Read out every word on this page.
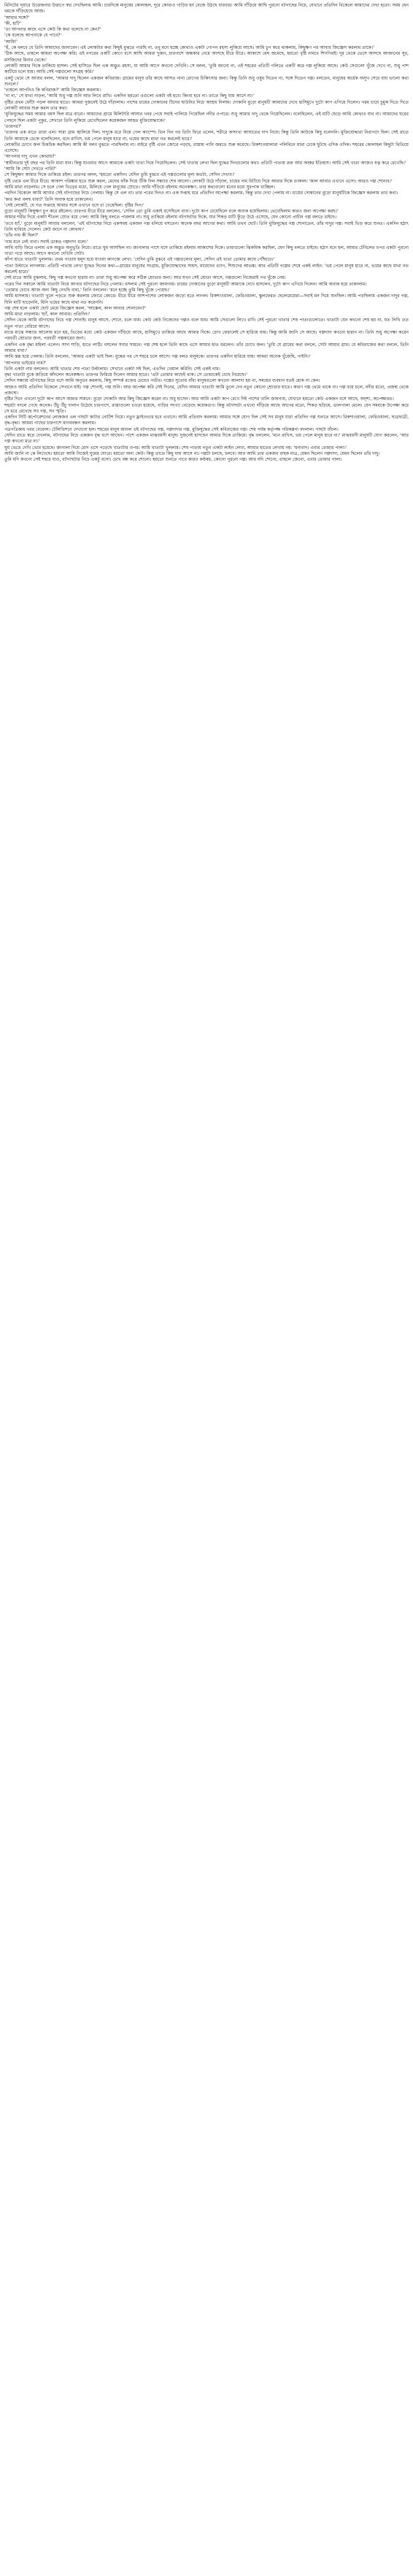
মিনিটের দ্য়ারে উত্তেজনার উত্তাপে স্বপ্ন দেখছিলাম আমি। চারদিকে মানুষের কোলাহল, দূরে কোথাও গাড়ির হর্ন বেজে উঠছে বারবার। আমি দাঁড়িয়ে আছি পুরনো বটগাছের নিচে, যেখানে প্রতিদিন বিকেলে আমাদের দেখা হতো। সময় যেন থমকে দাঁড়িয়েছে আজ।
'আমার সঙ্গে?'
'কী, হ্যাঁ?'
'তা আপনার কাছে এসে কেউ কি কথা বলেছে না কেন?'
'কে বলেছে আপনাকে যে পাবে?'
'আমি!'
'হুঁ, কে বলবে যে তিনি আমাদের জানাবেন। এই লোকটার কথা কিছুই বুঝতে পারছি না, তবু মনে হচ্ছে কোথাও একটা গোপন রহস্য লুকিয়ে আছে। আমি চুপ করে থাকলাম, কিছুক্ষণ পর আবার জিজ্ঞেস করলাম তাকে।'
'ঠিক আছে, তাহলে আমরা অপেক্ষা করি। এই নগরের একটি কোণে বসে আছি আমরা দুজন, চারপাশে অন্ধকার নেমে আসছে ধীরে ধীরে। আকাশে মেঘ জমেছে, হয়তো বৃষ্টি নামবে শিগগিরই। দূর থেকে ভেসে আসছে আজানের সুর, মসজিদের মিনার থেকে।'
লোকটি আমার দিকে তাকিয়ে হাসল। সেই হাসিতে ছিল এক অদ্ভুত রহস্য, যা আমি আগে কখনো দেখিনি। সে বলল, 'তুমি জানো না, এই শহরের প্রতিটি গলিতে একটি করে গল্প লুকিয়ে আছে। কেউ সেগুলো খুঁজে দেখে না, শুধু পাশ কাটিয়ে চলে যায়। আমি সেই গল্পগুলো সংগ্রহ করি।'
একটু থেমে সে আবার বলল, 'আমার দাদু ছিলেন একজন কবিরাজ। গ্রামের মানুষ তাঁর কাছে আসত নানা রোগের চিকিৎসার জন্য। কিন্তু তিনি শুধু ওষুধ দিতেন না, সঙ্গে দিতেন গল্প। বলতেন, মানুষের অর্ধেক অসুখ সেরে যায় ভালো কথা শুনলে।'
'তাহলে আপনিও কি কবিরাজ?' আমি জিজ্ঞেস করলাম।
'না না,' সে মাথা নাড়ল, 'আমি শুধু গল্প শুনি আর লিখে রাখি। একদিন হয়তো এগুলো একটা বই হবে। কিংবা হবে না। তাতে কিছু যায় আসে না।'
বৃষ্টির প্রথম ফোঁটা পড়ল আমার হাতে। আমরা দুজনেই উঠে দাঁড়ালাম। পাশের চায়ের দোকানের টিনের ছাউনির নিচে আশ্রয় নিলাম। দোকানি বুড়ো মানুষটি আমাদের দেখে হাসিমুখে দুটো কাপ এগিয়ে দিলেন। গরম চায়ে চুমুক দিতে দিতে লোকটি আবার শুরু করল তার কথা।
'মুক্তিযুদ্ধের সময় আমার বয়স ছিল মাত্র বারো। আমাদের গ্রামে মিলিটারি আসার খবর পেয়ে সবাই পালিয়ে গিয়েছিল নদীর ওপারে। শুধু আমার দাদু থেকে গিয়েছিলেন। বলেছিলেন, এই মাটি ছেড়ে আমি কোথাও যাব না। আমাদের ঘরের পেছনে ছিল একটা পুকুর, সেখানে তিনি লুকিয়ে রেখেছিলেন কয়েকজন আহত মুক্তিযোদ্ধাকে।'
'তারপর?'
'তারপর এক রাতে তারা এল। সারা গ্রাম জ্বালিয়ে দিল। দাদুকে ধরে নিয়ে গেল ক্যাম্পে। তিন দিন পর তিনি ফিরে এলেন, শরীরে অসংখ্য আঘাতের দাগ নিয়ে। কিন্তু তিনি কাউকে কিছু বলেননি। মুক্তিযোদ্ধারা নিরাপদে ছিল। সেই রাতে তিনি আমাকে ডেকে বলেছিলেন, মনে রাখিস, ভয় পেলে মানুষ হারে না, ভয়ের কাছে মাথা নত করলেই হারে।'
লোকটির চোখে জল চিকচিক করছিল। আমি কী বলব বুঝতে পারছিলাম না। বাইরে বৃষ্টি এখন জোরে পড়ছে, রাস্তায় পানি জমতে শুরু করেছে। রিকশাওয়ালারা পলিথিনে মাথা ঢেকে ছুটছে এদিক ওদিক। শহরের কোলাহল কিছুটা থিতিয়ে এসেছে।
'আপনার দাদু এখন কোথায়?'
'স্বাধীনতার দুই বছর পর তিনি মারা যান। কিন্তু যাওয়ার আগে আমাকে একটা খাতা দিয়ে গিয়েছিলেন। সেই খাতায় লেখা ছিল যুদ্ধের দিনগুলোর কথা। প্রতিটি পাতায় রক্ত আর অশ্রুর ইতিহাস। আমি সেই খাতা আজও যত্ন করে রেখেছি।'
'আমি কি সেটা দেখতে পারি?'
সে কিছুক্ষণ আমার দিকে তাকিয়ে রইল। তারপর বলল, 'হয়তো একদিন। যেদিন তুমি বুঝবে এই গল্পগুলোর মূল্য কতটা, সেদিন দেখাব।'
বৃষ্টি থেমে এল ধীরে ধীরে। আকাশ পরিষ্কার হতে শুরু করল, মেঘের ফাঁক দিয়ে উঁকি দিল সন্ধ্যার শেষ আলো। লোকটি উঠে দাঁড়াল, চায়ের দাম মিটিয়ে দিয়ে আমার দিকে তাকাল। 'কাল আবার এখানে এসো। আরও গল্প শোনাব।'
আমি মাথা নাড়লাম। সে চলে গেল ভিড়ের মধ্যে, মিলিয়ে গেল মানুষের স্রোতে। আমি দাঁড়িয়ে রইলাম অনেকক্ষণ, তার কথাগুলো মনের মধ্যে ঘুরপাক খাচ্ছিল।
পরদিন বিকেলে আমি আবার সেই বটগাছের নিচে গেলাম। কিন্তু সে এল না। তার পরের দিনও না। এক সপ্তাহ ধরে প্রতিদিন অপেক্ষা করলাম, কিন্তু তার দেখা পেলাম না। চায়ের দোকানের বুড়ো মানুষটিকে জিজ্ঞেস করলাম তার কথা।
'কার কথা বলছ বাবা?' তিনি অবাক হয়ে তাকালেন।
'সেই লোকটি, যে গত সপ্তাহে আমার সঙ্গে এখানে বসে চা খেয়েছিল। বৃষ্টির দিন।'
বুড়ো মানুষটি কিছুক্ষণ চুপ করে রইলেন। তারপর ধীরে ধীরে বললেন, 'সেদিন তো তুমি একাই বসেছিলে বাবা। দুটো কাপ চেয়েছিলে বলে অবাক হয়েছিলাম। ভেবেছিলাম কারও জন্য অপেক্ষা করছ।'
আমার শরীর দিয়ে একটা শীতল স্রোত বয়ে গেল। আমি কিছু বলতে পারলাম না। শুধু তাকিয়ে রইলাম বটগাছটার দিকে, যার শিকড় মাটি ফুঁড়ে উঠে এসেছে, যেন কোনো প্রাচীন গল্প বলতে চাইছে।
'তবে হ্যাঁ,' বুড়ো মানুষটি আবার বললেন, 'এই বটগাছের নিচে একসময় একজন গল্প বলিয়ে বসতেন। অনেক বছর আগের কথা। আমি তখন ছোট। তিনি মুক্তিযুদ্ধের গল্প শোনাতেন, তাঁর দাদুর গল্প। সবাই ভিড় করে শুনত। একদিন হঠাৎ তিনি হারিয়ে গেলেন। কেউ জানে না কোথায়।'
'তাঁর নাম কী ছিল?'
'নাম মনে নেই বাবা। সবাই ডাকত গল্পদাদা বলে।'
আমি বাড়ি ফিরে এলাম এক অদ্ভুত অনুভূতি নিয়ে। রাতে ঘুম আসছিল না। জানালার পাশে বসে তাকিয়ে রইলাম আকাশের দিকে। তারাগুলো ঝিকমিক করছিল, যেন কিছু বলতে চাইছে। হঠাৎ মনে হল, আমার টেবিলের ওপর একটা পুরনো খাতা পড়ে আছে। আগে কখনো দেখিনি সেটা।
কাঁপা হাতে খাতাটা খুললাম। প্রথম পাতায় হলুদ হয়ে যাওয়া কাগজে লেখা: 'যেদিন তুমি বুঝবে এই গল্পগুলোর মূল্য, সেদিন এই খাতা তোমার কাছে পৌঁছাবে।'
পাতা উল্টাতে লাগলাম। প্রতিটি পাতায় লেখা যুদ্ধের দিনের কথা—গ্রামের মানুষের সংগ্রাম, মুক্তিযোদ্ধাদের সাহস, মায়েদের ত্যাগ, শিশুদের আতঙ্ক। আর প্রতিটি গল্পের শেষে একই লাইন: 'ভয় পেলে মানুষ হারে না, ভয়ের কাছে মাথা নত করলেই হারে।'
সেই রাতে আমি বুঝলাম, কিছু গল্প কখনো হারায় না। তারা শুধু অপেক্ষা করে সঠিক শ্রোতার জন্য। আর যখন সেই শ্রোতা আসে, গল্পগুলো নিজেরাই পথ খুঁজে নেয়।
পরের দিন সকালে আমি খাতাটা নিয়ে আবার বটগাছের নিচে গেলাম। বসলাম সেই পুরনো জায়গায়। চায়ের দোকানের বুড়ো মানুষটি আমাকে দেখে হাসলেন, দুটো কাপ এগিয়ে দিলেন। আমি অবাক হয়ে তাকালাম।
'তোমার চোখে আজ অন্য কিছু দেখছি বাবা,' তিনি বললেন। 'মনে হচ্ছে তুমি কিছু খুঁজে পেয়েছ।'
আমি হাসলাম। খাতাটা খুলে পড়তে শুরু করলাম জোরে জোরে। ধীরে ধীরে আশপাশের লোকজন জড়ো হতে লাগল। রিকশাওয়ালা, ফেরিওয়ালা, স্কুলফেরত ছেলেমেয়েরা—সবাই মন দিয়ে শুনছিল। আমি পড়ছিলাম একজন দাদুর গল্প, যিনি মাটি ছাড়েননি, যিনি ভয়ের কাছে মাথা নত করেননি।
গল্প শেষ হলে একটা ছোট মেয়ে জিজ্ঞেস করল, 'আঙ্কেল, কাল আবার শোনাবেন?'
আমি মাথা নাড়লাম। 'হ্যাঁ, কাল আবার। প্রতিদিন।'
সেদিন থেকে আমি বটগাছের নিচে গল্প শোনাই। মানুষ আসে, শোনে, চলে যায়। কেউ কেউ নিজেদের গল্পও বলে যায়। আমি সেগুলো লিখে রাখি সেই পুরনো খাতার শেষ পাতাগুলোতে। খাতাটা যেন কখনো শেষ হয় না, যত লিখি তত নতুন পাতা বেরিয়ে আসে।
মাঝে মাঝে সন্ধ্যার আলোয় মনে হয়, ভিড়ের মধ্যে কেউ একজন দাঁড়িয়ে আছে, হাসিমুখে তাকিয়ে আছে আমার দিকে। চোখ ফেরালেই সে হারিয়ে যায়। কিন্তু আমি জানি সে আছে। গল্পদাদা কখনো হারান না। তিনি শুধু অপেক্ষা করেন পরবর্তী শ্রোতার জন্য, পরবর্তী গল্পকারের জন্য।
একদিন এক বৃদ্ধা মহিলা এলেন। সাদা শাড়ি, হাতে লাঠি। বসলেন সবার সামনে। গল্প শেষ হলে তিনি কাছে এসে আমার হাত ধরলেন। তাঁর চোখে জল। 'তুমি যে গ্রামের কথা বললে, সেটা আমার গ্রাম। যে কবিরাজের কথা বললে, তিনি আমার বাবা।'
আমি স্তব্ধ হয়ে গেলাম। তিনি বললেন, 'আমার একটা ভাই ছিল। যুদ্ধের পর সে শহরে চলে আসে। গল্প বলত মানুষকে। তারপর একদিন হারিয়ে যায়। আমরা অনেক খুঁজেছি, পাইনি।'
'আপনার ভাইয়ের নাম?'
তিনি একটা নাম বললেন। আমি খাতার শেষ পাতা উল্টালাম। সেখানে একটা সই ছিল, এতদিন খেয়াল করিনি। সেই একই নাম।
বৃদ্ধা খাতাটা বুকে জড়িয়ে কাঁদলেন অনেকক্ষণ। তারপর ফিরিয়ে দিলেন আমার হাতে। 'এটা তোমার কাছেই থাক। সে তোমাকেই বেছে নিয়েছে।'
সেদিন সন্ধ্যায় বটগাছের নিচে বসে আমি অনুভব করলাম, কিছু সম্পর্ক রক্তের চেয়েও গভীর। গল্পের সুতোয় বাঁধা মানুষগুলো কখনো আলাদা হয় না, সময়ের ব্যবধান যতই হোক না কেন।
আজও আমি প্রতিদিন বিকেলে সেখানে যাই। গল্প শোনাই, গল্প শুনি। আর অপেক্ষা করি সেই দিনের, যেদিন আমার খাতাটা আমি তুলে দেব নতুন কোনো শ্রোতার হাতে। কারণ গল্প থেমে থাকে না। গল্প বয়ে চলে, নদীর মতো, প্রজন্ম থেকে প্রজন্মে।
বৃষ্টির দিনে এখনো দুটো কাপ আসে আমার সামনে। বুড়ো দোকানি আর কিছু জিজ্ঞেস করেন না। শুধু হাসেন। আর আমি একটা কাপ রেখে দিই পাশের খালি জায়গায়, যেখানে হয়তো কেউ একজন বসে আছে, অদৃশ্য, অপেক্ষারত।
শহরটা বদলে গেছে অনেক। উঁচু উঁচু দালান উঠেছে চারপাশে, রাস্তাগুলো চওড়া হয়েছে, গাড়ির সংখ্যা বেড়েছে কয়েকগুণ। কিন্তু বটগাছটা এখনো দাঁড়িয়ে আছে আগের মতো, শিকড় ছড়িয়ে, ডালপালা মেলে। যেন সময়কে উপেক্ষা করে সে ধরে রেখেছে সব গল্প, সব স্মৃতি।
একদিন সিটি কর্পোরেশনের লোকজন এল গাছটা কাটার নোটিশ নিয়ে। নতুন ফ্লাইওভার হবে এখানে। আমি প্রতিবাদ করলাম। আমার সঙ্গে যোগ দিল সেই সব মানুষ যারা প্রতিদিন গল্প শুনতে আসে। রিকশাওয়ালা, ফেরিওয়ালা, ছাত্রছাত্রী, বৃদ্ধ-বৃদ্ধা। আমরা গাছের চারপাশে মানববন্ধন করলাম।
পত্রপত্রিকায় খবর বেরোল। টেলিভিশনে দেখানো হল। শহরের মানুষ জানল এই বটগাছের গল্প, গল্পদাদার গল্প, মুক্তিযুদ্ধের সেই কবিরাজের গল্প। শেষ পর্যন্ত কর্তৃপক্ষ পরিকল্পনা বদলাল। গাছটা বাঁচল।
সেদিন রাতে স্বপ্নে দেখলাম, বটগাছের নিচে একজন বৃদ্ধ বসে আছেন। পাশে একজন মাঝবয়সী মানুষ। দুজনেই হাসছেন আমার দিকে তাকিয়ে। বৃদ্ধ বললেন, 'মনে রাখিস, ভয় পেলে মানুষ হারে না।' মাঝবয়সী মানুষটি যোগ করলেন, 'আর গল্প কখনো মরে না।'
ঘুম ভেঙে দেখি ভোর হয়েছে। জানালা দিয়ে রোদ এসে পড়েছে খাতাটার ওপর। আমি খাতাটা খুললাম। শেষ পাতায় নতুন একটা লাইন লেখা, আমার হাতের লেখায় নয়: 'ধন্যবাদ। এবার তোমার পালা।'
আমি জানি না কে লিখেছে। হয়তো আমি নিজেই ঘুমের ঘোরে। হয়তো অন্য কেউ। কিন্তু তাতে কিছু যায় আসে না। গল্পটা চলছে, চলবে। আর আমি তার একজন বাহক মাত্র, যেমন ছিলেন গল্পদাদা, যেমন ছিলেন তাঁর দাদু।
তুমি যদি কখনো সেই শহরে যাও, বটগাছটার নিচে একটু বসো। চোখ বন্ধ করে শোনো। হয়তো শুনতে পাবে কারও কণ্ঠস্বর, কোনো পুরনো গল্প। আর যদি শোনো, তাহলে জেনো, এবার তোমার পালা।
